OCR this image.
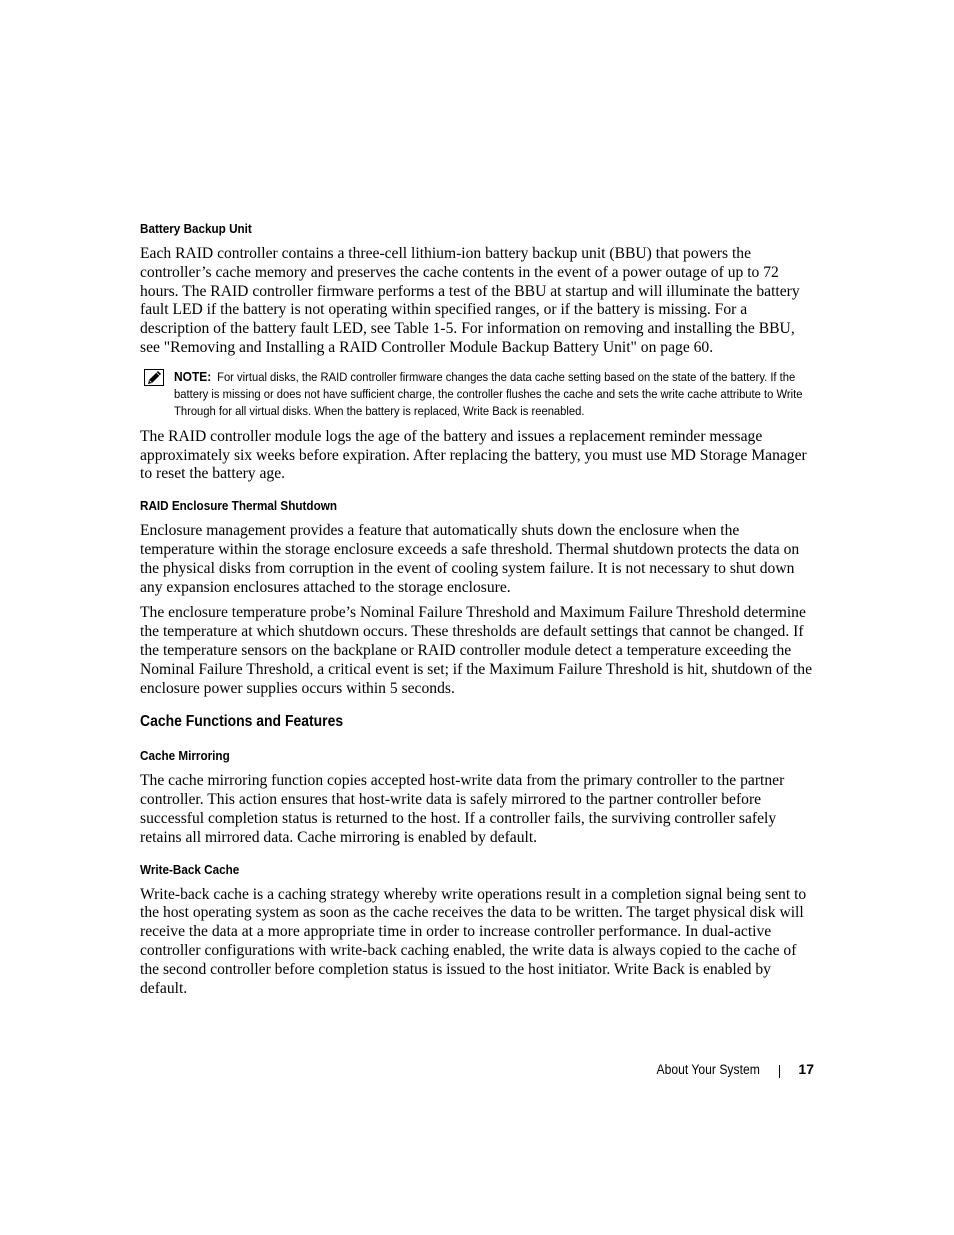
Battery Backup Unit

Each RAID controller contains a three-cell lithium-ion battery backup unit (BBU) that powers the controller’s cache memory and preserves the cache contents in the event of a power outage of up to 72 hours. The RAID controller firmware performs a test of the BBU at startup and will illuminate the battery fault LED if the battery is not operating within specified ranges, or if the battery is missing. For a description of the battery fault LED, see Table 1-5. For information on removing and installing the BBU, see "Removing and Installing a RAID Controller Module Backup Battery Unit" on page 60.

NOTE: For virtual disks, the RAID controller firmware changes the data cache setting based on the state of the battery. If the battery is missing or does not have sufficient charge, the controller flushes the cache and sets the write cache attribute to Write Through for all virtual disks. When the battery is replaced, Write Back is reenabled.

The RAID controller module logs the age of the battery and issues a replacement reminder message approximately six weeks before expiration. After replacing the battery, you must use MD Storage Manager to reset the battery age.

RAID Enclosure Thermal Shutdown

Enclosure management provides a feature that automatically shuts down the enclosure when the temperature within the storage enclosure exceeds a safe threshold. Thermal shutdown protects the data on the physical disks from corruption in the event of cooling system failure. It is not necessary to shut down any expansion enclosures attached to the storage enclosure.

The enclosure temperature probe’s Nominal Failure Threshold and Maximum Failure Threshold determine the temperature at which shutdown occurs. These thresholds are default settings that cannot be changed. If the temperature sensors on the backplane or RAID controller module detect a temperature exceeding the Nominal Failure Threshold, a critical event is set; if the Maximum Failure Threshold is hit, shutdown of the enclosure power supplies occurs within 5 seconds.

Cache Functions and Features
Cache Mirroring

The cache mirroring function copies accepted host-write data from the primary controller to the partner controller. This action ensures that host-write data is safely mirrored to the partner controller before successful completion status is returned to the host. If a controller fails, the surviving controller safely retains all mirrored data. Cache mirroring is enabled by default.

Write-Back Cache

Write-back cache is a caching strategy whereby write operations result in a completion signal being sent to the host operating system as soon as the cache receives the data to be written. The target physical disk will receive the data at a more appropriate time in order to increase controller performance. In dual-active controller configurations with write-back caching enabled, the write data is always copied to the cache of the second controller before completion status is issued to the host initiator. Write Back is enabled by default.

About Your System	17
